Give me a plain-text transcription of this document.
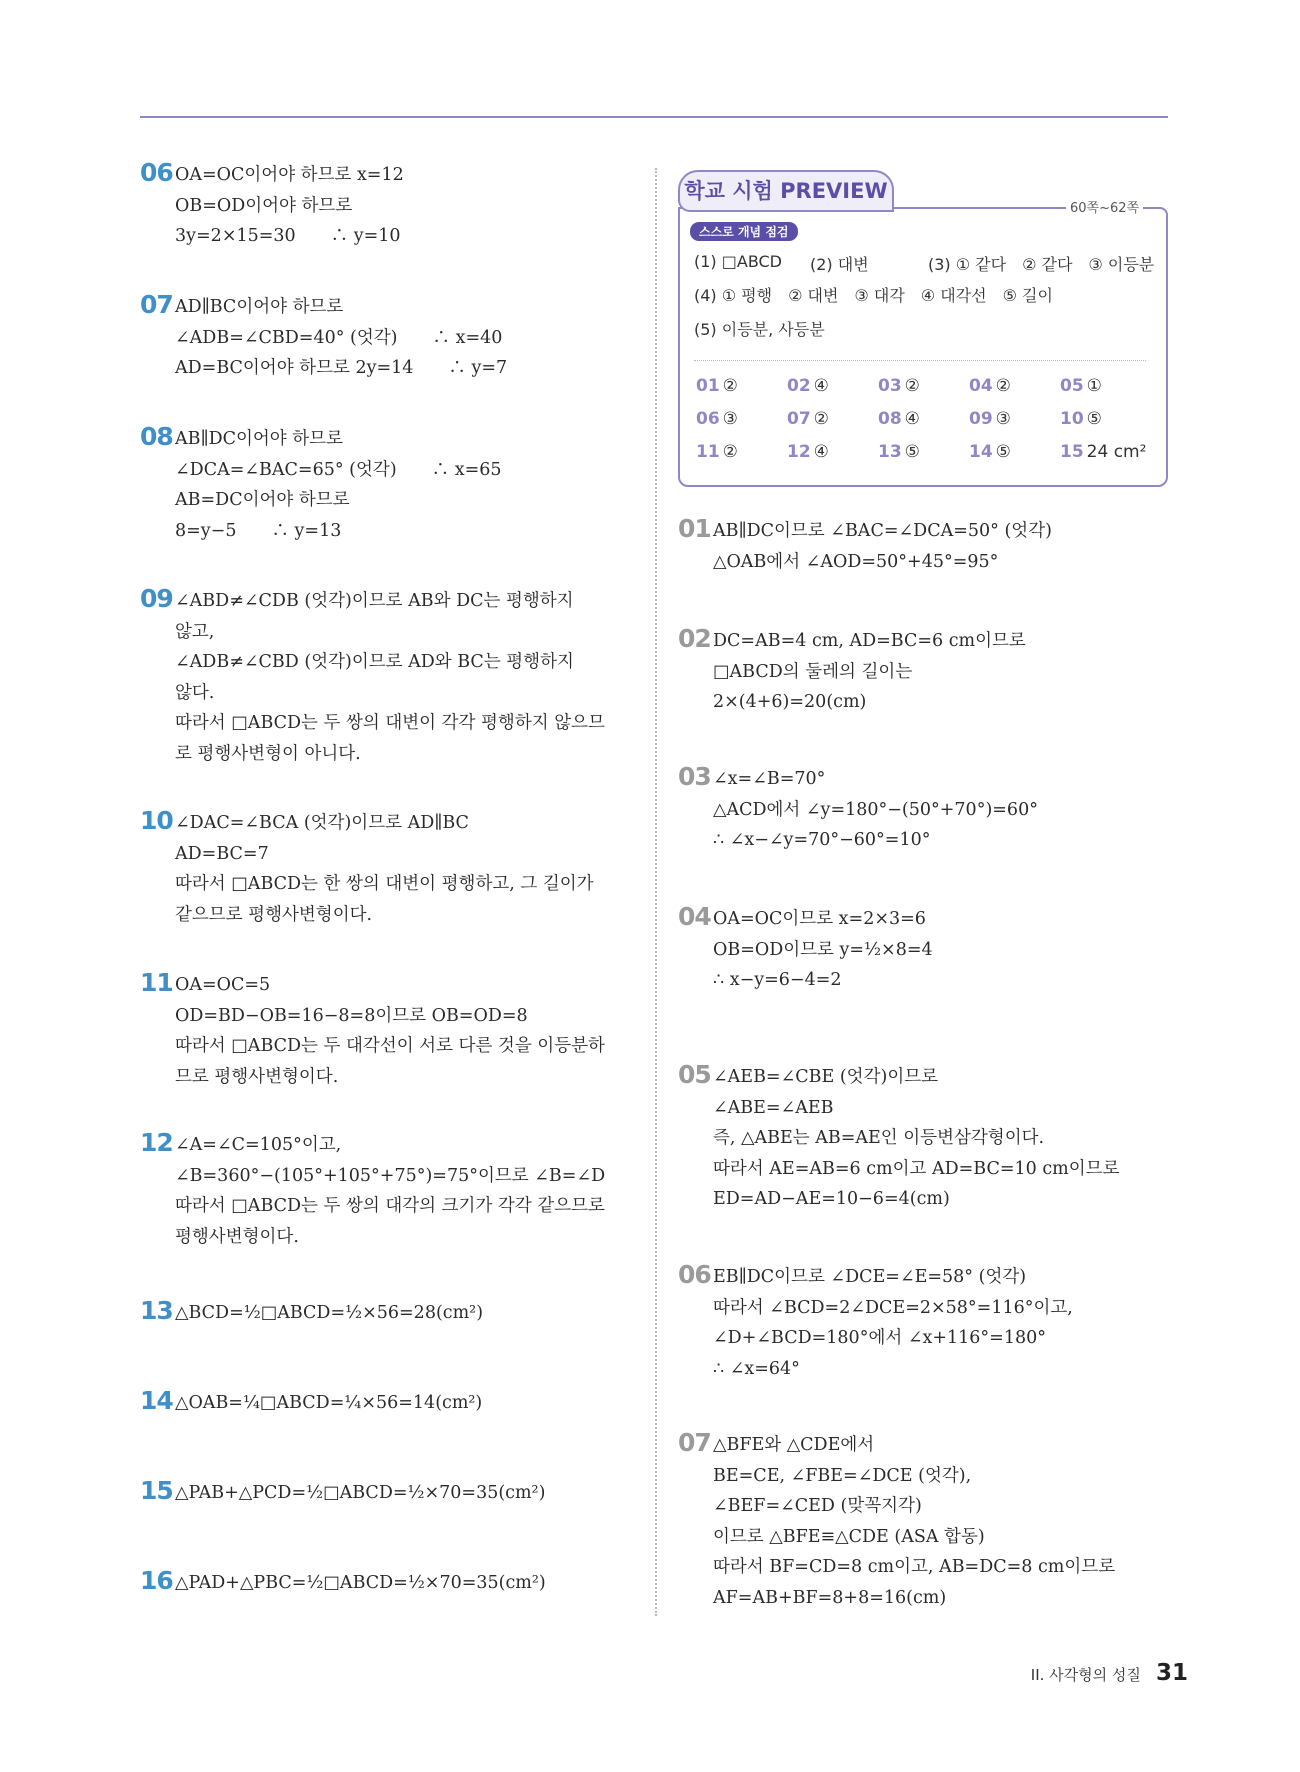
06 OA=OC이어야 하므로 x=12
OB=OD이어야 하므로
3y=2×15=30　　∴ y=10
07 AD∥BC이어야 하므로
∠ADB=∠CBD=40° (엇각)　　∴ x=40
AD=BC이어야 하므로 2y=14　　∴ y=7
08 AB∥DC이어야 하므로
∠DCA=∠BAC=65° (엇각)　　∴ x=65
AB=DC이어야 하므로
8=y−5　　∴ y=13
09 ∠ABD≠∠CDB (엇각)이므로 AB와 DC는 평행하지
않고,
∠ADB≠∠CBD (엇각)이므로 AD와 BC는 평행하지
않다.
따라서 □ABCD는 두 쌍의 대변이 각각 평행하지 않으므
로 평행사변형이 아니다.
10 ∠DAC=∠BCA (엇각)이므로 AD∥BC
AD=BC=7
따라서 □ABCD는 한 쌍의 대변이 평행하고, 그 길이가
같으므로 평행사변형이다.
11 OA=OC=5
OD=BD−OB=16−8=8이므로 OB=OD=8
따라서 □ABCD는 두 대각선이 서로 다른 것을 이등분하
므로 평행사변형이다.
12 ∠A=∠C=105°이고,
∠B=360°−(105°+105°+75°)=75°이므로 ∠B=∠D
따라서 □ABCD는 두 쌍의 대각의 크기가 각각 같으므로
평행사변형이다.
13 △BCD=½□ABCD=½×56=28(cm²)
14 △OAB=¼□ABCD=¼×56=14(cm²)
15 △PAB+△PCD=½□ABCD=½×70=35(cm²)
16 △PAD+△PBC=½□ABCD=½×70=35(cm²)
학교 시험 PREVIEW
60쪽~62쪽
스스로 개념 점검
(1) □ABCD (2) 대변	(3) ① 같다　② 같다　③ 이등분
(4) ① 평행　② 대변　③ 대각　④ 대각선　⑤ 길이
(5) 이등분, 사등분
01 ②	02 ④	03 ②	04 ②	05 ①
06 ③	07 ②	08 ④	09 ③	10 ⑤
11 ②	12 ④	13 ⑤	14 ⑤	15 24 cm²
01 AB∥DC이므로 ∠BAC=∠DCA=50° (엇각)
△OAB에서 ∠AOD=50°+45°=95°
02 DC=AB=4 cm, AD=BC=6 cm이므로
□ABCD의 둘레의 길이는
2×(4+6)=20(cm)
03 ∠x=∠B=70°
△ACD에서 ∠y=180°−(50°+70°)=60°
∴ ∠x−∠y=70°−60°=10°
04 OA=OC이므로 x=2×3=6
OB=OD이므로 y=½×8=4
∴ x−y=6−4=2
05 ∠AEB=∠CBE (엇각)이므로
∠ABE=∠AEB
즉, △ABE는 AB=AE인 이등변삼각형이다.
따라서 AE=AB=6 cm이고 AD=BC=10 cm이므로
ED=AD−AE=10−6=4(cm)
06 EB∥DC이므로 ∠DCE=∠E=58° (엇각)
따라서 ∠BCD=2∠DCE=2×58°=116°이고,
∠D+∠BCD=180°에서 ∠x+116°=180°
∴ ∠x=64°
07 △BFE와 △CDE에서
BE=CE, ∠FBE=∠DCE (엇각),
∠BEF=∠CED (맞꼭지각)
이므로 △BFE≡△CDE (ASA 합동)
따라서 BF=CD=8 cm이고, AB=DC=8 cm이므로
AF=AB+BF=8+8=16(cm)
II. 사각형의 성질 31
